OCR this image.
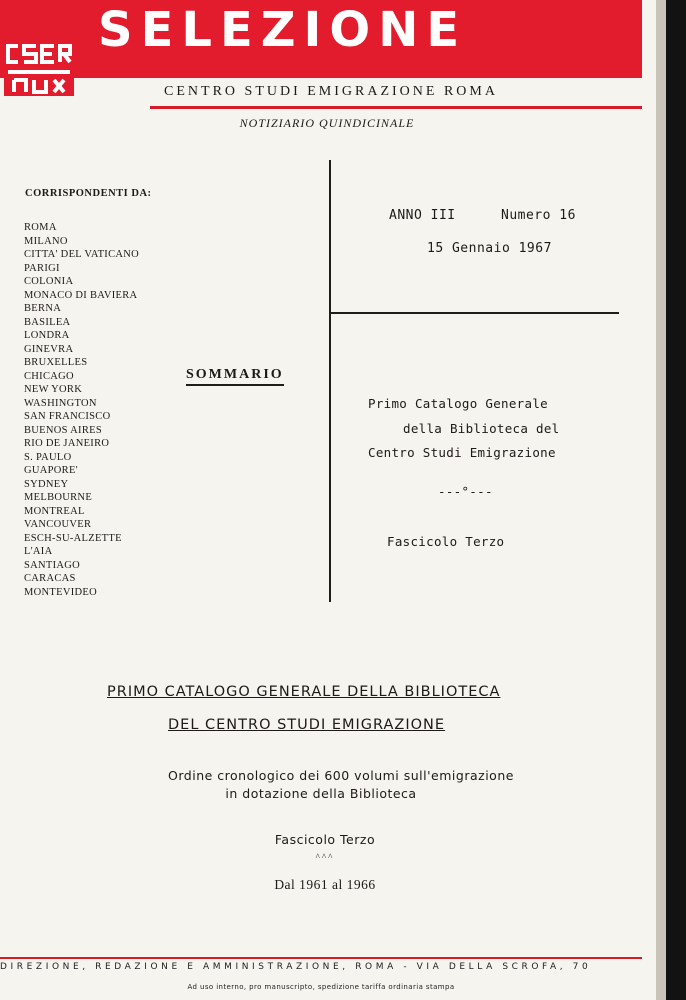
SELEZIONE
CENTRO STUDI EMIGRAZIONE ROMA
NOTIZIARIO QUINDICINALE
CORRISPONDENTI DA:
ROMA
MILANO
CITTA' DEL VATICANO
PARIGI
COLONIA
MONACO DI BAVIERA
BERNA
BASILEA
LONDRA
GINEVRA
BRUXELLES
CHICAGO
NEW YORK
WASHINGTON
SAN FRANCISCO
BUENOS AIRES
RIO DE JANEIRO
S. PAULO
GUAPORE'
SYDNEY
MELBOURNE
MONTREAL
VANCOUVER
ESCH-SU-ALZETTE
L'AIA
SANTIAGO
CARACAS
MONTEVIDEO
SOMMARIO
ANNO III	Numero 16
15 Gennaio 1967
Primo Catalogo Generale
della Biblioteca del
Centro Studi Emigrazione
---°---
Fascicolo Terzo
PRIMO CATALOGO GENERALE DELLA BIBLIOTECA
DEL CENTRO STUDI EMIGRAZIONE
Ordine cronologico dei 600 volumi sull'emigrazione
in dotazione della Biblioteca
Fascicolo Terzo
^^^
Dal 1961 al 1966
DIREZIONE, REDAZIONE E AMMINISTRAZIONE, ROMA - VIA DELLA SCROFA, 70
Ad uso interno, pro manuscripto, spedizione tariffa ordinaria stampa
